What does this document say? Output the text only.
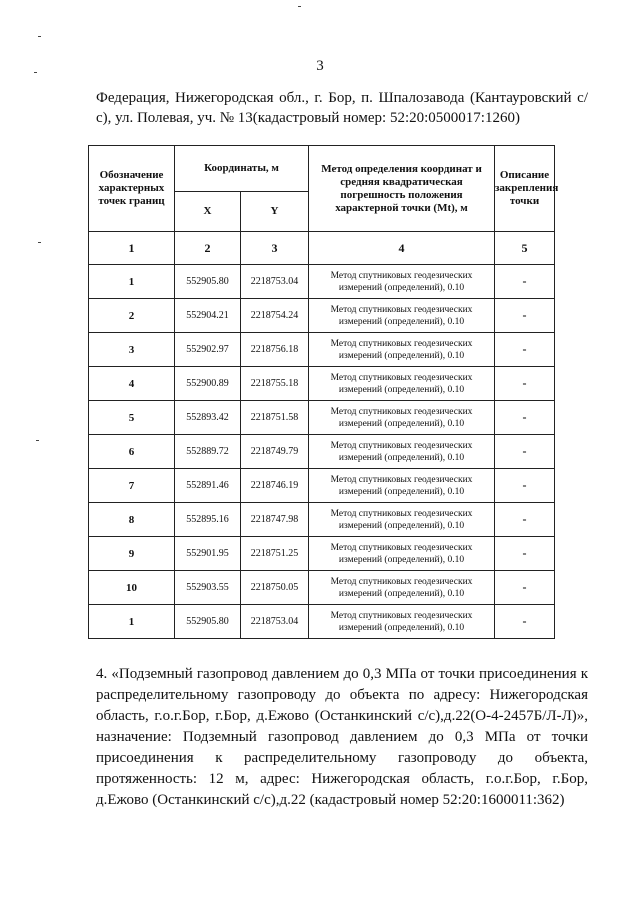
3
Федерация, Нижегородская обл., г. Бор, п. Шпалозавода (Кантауровский с/с), ул. Полевая, уч. № 13(кадастровый номер: 52:20:0500017:1260)
Обозначение характерных точек границ	Координаты, м		Метод определения координат и средняя квадратическая погрешность положения характерной точки (Mt), м	Описание закрепления точки
	X	Y		
1	2	3	4	5
1	552905.80	2218753.04	Метод спутниковых геодезических измерений (определений), 0.10	-
2	552904.21	2218754.24	Метод спутниковых геодезических измерений (определений), 0.10	-
3	552902.97	2218756.18	Метод спутниковых геодезических измерений (определений), 0.10	-
4	552900.89	2218755.18	Метод спутниковых геодезических измерений (определений), 0.10	-
5	552893.42	2218751.58	Метод спутниковых геодезических измерений (определений), 0.10	-
6	552889.72	2218749.79	Метод спутниковых геодезических измерений (определений), 0.10	-
7	552891.46	2218746.19	Метод спутниковых геодезических измерений (определений), 0.10	-
8	552895.16	2218747.98	Метод спутниковых геодезических измерений (определений), 0.10	-
9	552901.95	2218751.25	Метод спутниковых геодезических измерений (определений), 0.10	-
10	552903.55	2218750.05	Метод спутниковых геодезических измерений (определений), 0.10	-
1	552905.80	2218753.04	Метод спутниковых геодезических измерений (определений), 0.10	-
4. «Подземный газопровод давлением до 0,3 МПа от точки присоединения к распределительному газопроводу до объекта по адресу: Нижегородская область, г.о.г.Бор, г.Бор, д.Ежово (Останкинский с/с),д.22(О-4-2457Б/Л-Л)», назначение: Подземный газопровод давлением до 0,3 МПа от точки присоединения к распределительному газопроводу до объекта, протяженность: 12 м, адрес: Нижегородская область, г.о.г.Бор, г.Бор, д.Ежово (Останкинский с/с),д.22 (кадастровый номер 52:20:1600011:362)
